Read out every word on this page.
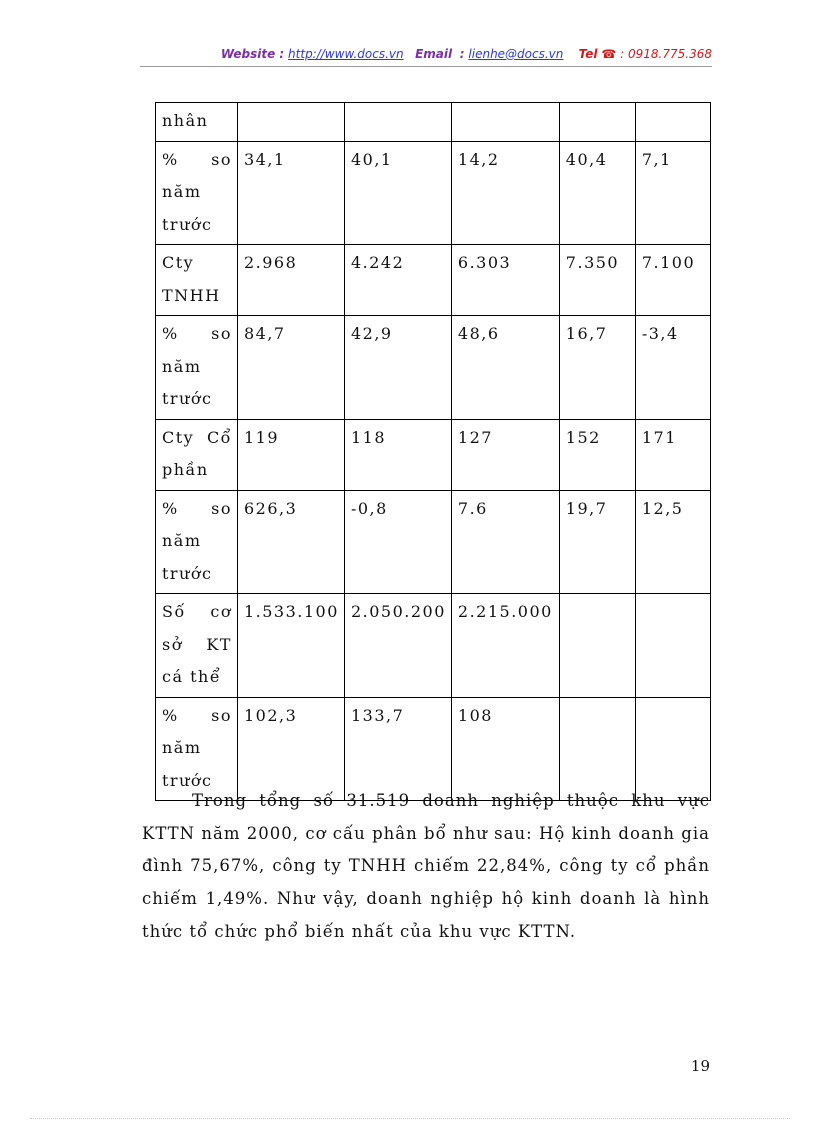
Website : http://www.docs.vn Email : lienhe@docs.vn Tel ☎ : 0918.775.368
nhân					
% so năm trước	34,1	40,1	14,2	40,4	7,1
Cty TNHH	2.968	4.242	6.303	7.350	7.100
% so năm trước	84,7	42,9	48,6	16,7	-3,4
Cty Cổ phần	119	118	127	152	171
% so năm trước	626,3	-0,8	7.6	19,7	12,5
Số cơ sở KT cá thể	1.533.100	2.050.200	2.215.000		
% so năm trước	102,3	133,7	108		

Trong tổng số 31.519 doanh nghiệp thuộc khu vực KTTN năm 2000, cơ cấu phân bổ như sau: Hộ kinh doanh gia đình 75,67%, công ty TNHH chiếm 22,84%, công ty cổ phần chiếm 1,49%. Như vậy, doanh nghiệp hộ kinh doanh là hình thức tổ chức phổ biến nhất của khu vực KTTN.

19
